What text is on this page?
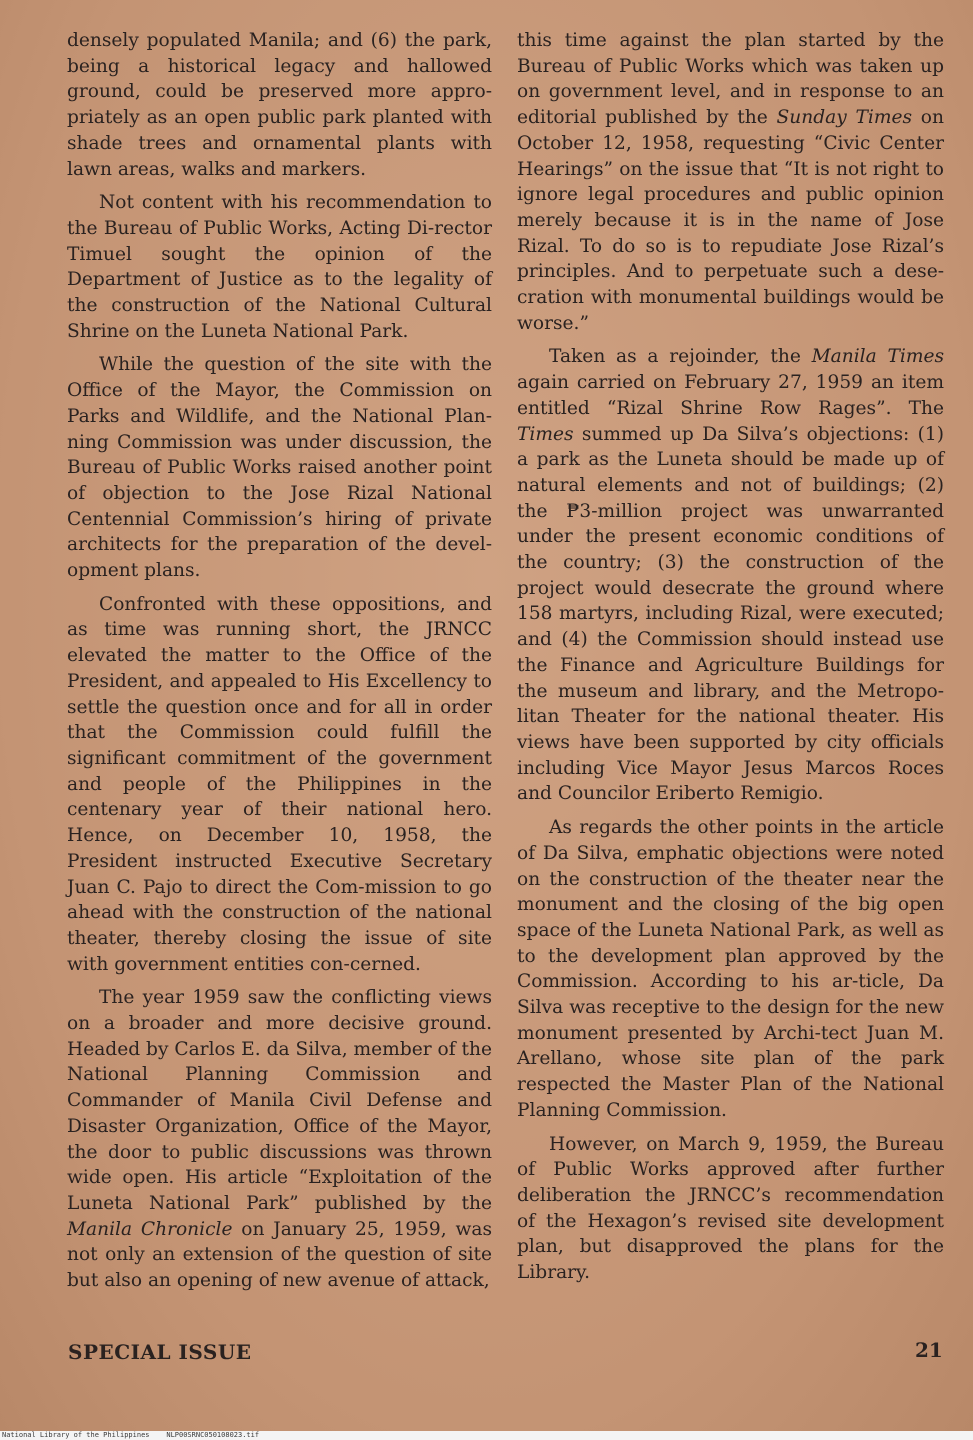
densely populated Manila; and (6) the park, being a historical legacy and hallowed ground, could be preserved more appro-priately as an open public park planted with shade trees and ornamental plants with lawn areas, walks and markers.

Not content with his recommendation to the Bureau of Public Works, Acting Di-rector Timuel sought the opinion of the Department of Justice as to the legality of the construction of the National Cultural Shrine on the Luneta National Park.

While the question of the site with the Office of the Mayor, the Commission on Parks and Wildlife, and the National Plan-ning Commission was under discussion, the Bureau of Public Works raised another point of objection to the Jose Rizal National Centennial Commission’s hiring of private architects for the preparation of the devel-opment plans.

Confronted with these oppositions, and as time was running short, the JRNCC elevated the matter to the Office of the President, and appealed to His Excellency to settle the question once and for all in order that the Commission could fulfill the significant commitment of the government and people of the Philippines in the centenary year of their national hero. Hence, on December 10, 1958, the President instructed Executive Secretary Juan C. Pajo to direct the Com-mission to go ahead with the construction of the national theater, thereby closing the issue of site with government entities con-cerned.

The year 1959 saw the conflicting views on a broader and more decisive ground. Headed by Carlos E. da Silva, member of the National Planning Commission and Commander of Manila Civil Defense and Disaster Organization, Office of the Mayor, the door to public discussions was thrown wide open. His article “Exploitation of the Luneta National Park” published by the Manila Chronicle on January 25, 1959, was not only an extension of the question of site but also an opening of new avenue of attack,

this time against the plan started by the Bureau of Public Works which was taken up on government level, and in response to an editorial published by the Sunday Times on October 12, 1958, requesting “Civic Center Hearings” on the issue that “It is not right to ignore legal procedures and public opinion merely because it is in the name of Jose Rizal. To do so is to repudiate Jose Rizal’s principles. And to perpetuate such a dese-cration with monumental buildings would be worse.”

Taken as a rejoinder, the Manila Times again carried on February 27, 1959 an item entitled “Rizal Shrine Row Rages”. The Times summed up Da Silva’s objections: (1) a park as the Luneta should be made up of natural elements and not of buildings; (2) the ₱3-million project was unwarranted under the present economic conditions of the country; (3) the construction of the project would desecrate the ground where 158 martyrs, including Rizal, were executed; and (4) the Commission should instead use the Finance and Agriculture Buildings for the museum and library, and the Metropo-litan Theater for the national theater. His views have been supported by city officials including Vice Mayor Jesus Marcos Roces and Councilor Eriberto Remigio.

As regards the other points in the article of Da Silva, emphatic objections were noted on the construction of the theater near the monument and the closing of the big open space of the Luneta National Park, as well as to the development plan approved by the Commission. According to his ar-ticle, Da Silva was receptive to the design for the new monument presented by Archi-tect Juan M. Arellano, whose site plan of the park respected the Master Plan of the National Planning Commission.

However, on March 9, 1959, the Bureau of Public Works approved after further deliberation the JRNCC’s recommendation of the Hexagon’s revised site development plan, but disapproved the plans for the Library.

SPECIAL ISSUE	21
National Library of the Philippines    NLP00SRNC050108023.tif
